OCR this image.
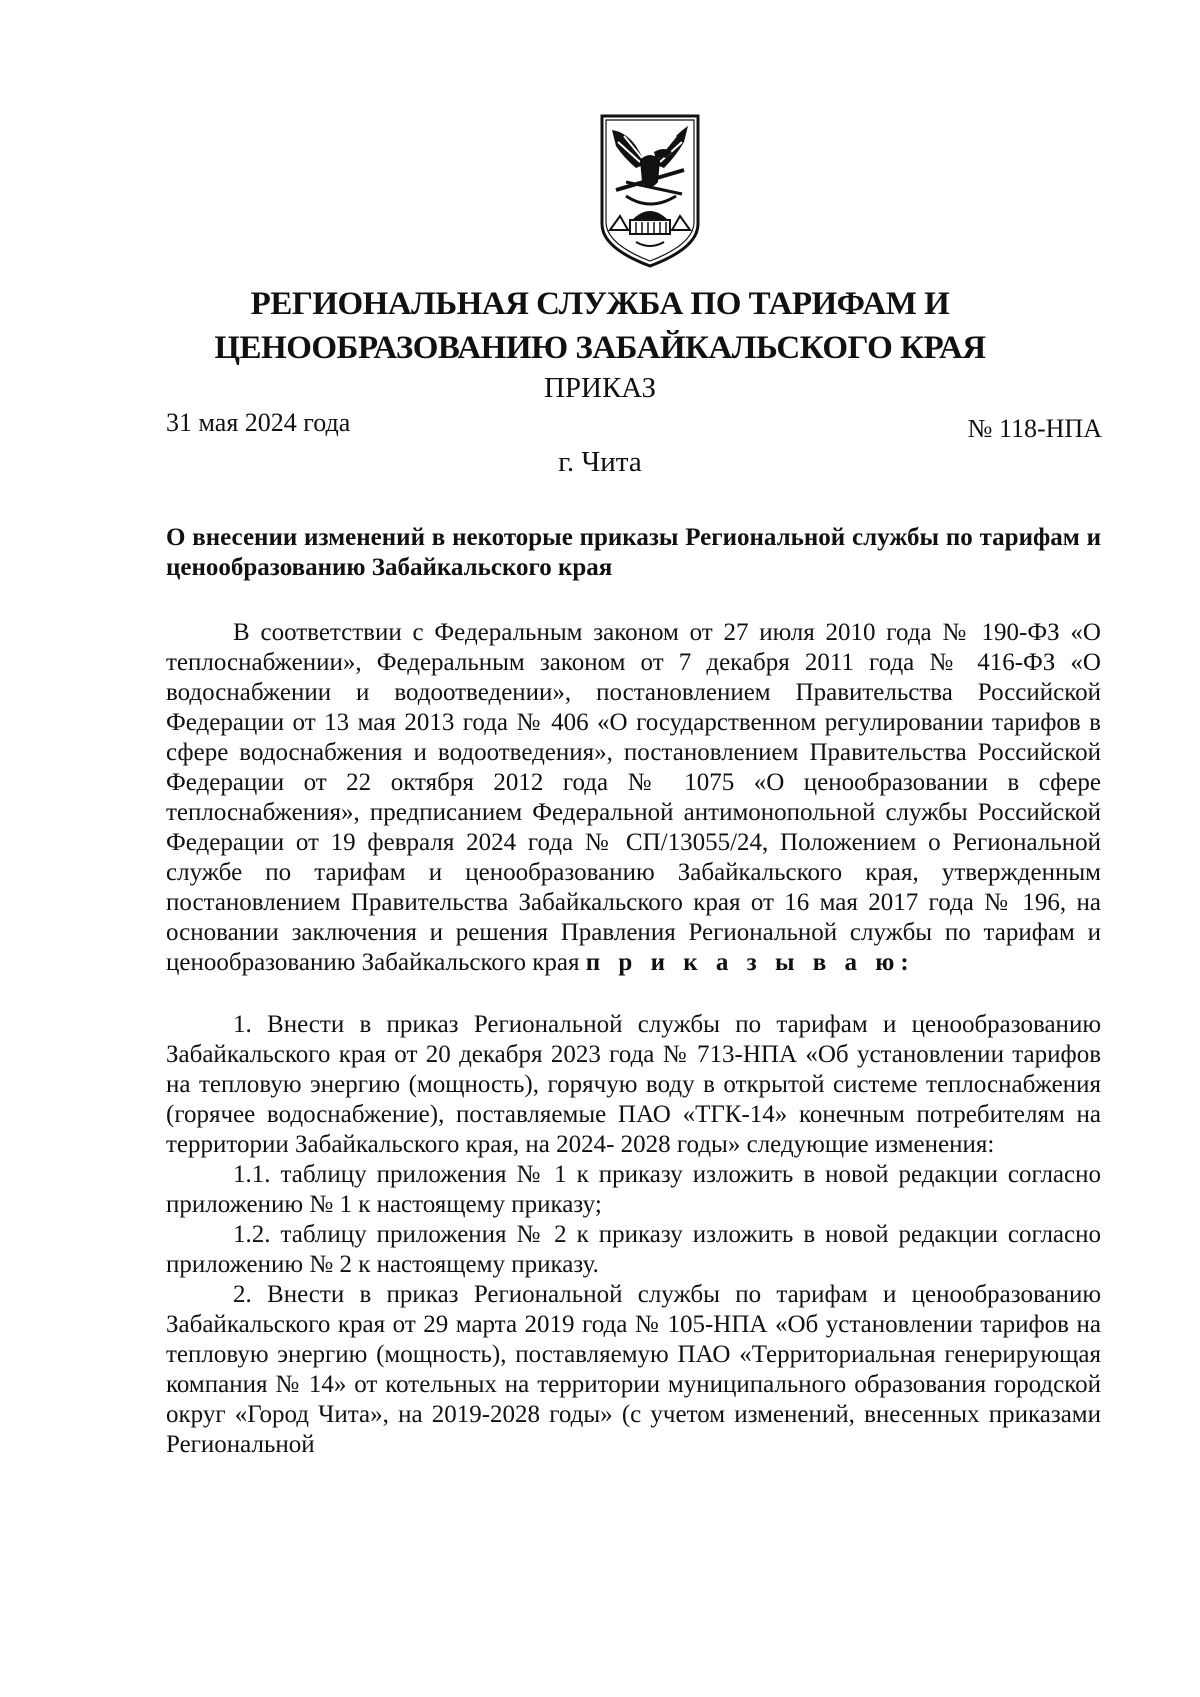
РЕГИОНАЛЬНАЯ СЛУЖБА ПО ТАРИФАМ И
ЦЕНООБРАЗОВАНИЮ ЗАБАЙКАЛЬСКОГО КРАЯ
ПРИКАЗ
31 мая 2024 года	№ 118-НПА
г. Чита
О внесении изменений в некоторые приказы Региональной службы по тарифам и ценообразованию Забайкальского края

В соответствии с Федеральным законом от 27 июля 2010 года № 190-ФЗ «О теплоснабжении», Федеральным законом от 7 декабря 2011 года № 416-ФЗ «О водоснабжении и водоотведении», постановлением Правительства Российской Федерации от 13 мая 2013 года № 406 «О государственном регулировании тарифов в сфере водоснабжения и водоотведения», постановлением Правительства Российской Федерации от 22 октября 2012 года № 1075 «О ценообразовании в сфере теплоснабжения», предписанием Федеральной антимонопольной службы Российской Федерации от 19 февраля 2024 года № СП/13055/24, Положением о Региональной службе по тарифам и ценообразованию Забайкальского края, утвержденным постановлением Правительства Забайкальского края от 16 мая 2017 года № 196, на основании заключения и решения Правления Региональной службы по тарифам и ценообразованию Забайкальского края п р и к а з ы в а ю:

1. Внести в приказ Региональной службы по тарифам и ценообразованию Забайкальского края от 20 декабря 2023 года № 713-НПА «Об установлении тарифов на тепловую энергию (мощность), горячую воду в открытой системе теплоснабжения (горячее водоснабжение), поставляемые ПАО «ТГК-14» конечным потребителям на территории Забайкальского края, на 2024- 2028 годы» следующие изменения:

1.1. таблицу приложения № 1 к приказу изложить в новой редакции согласно приложению № 1 к настоящему приказу;

1.2. таблицу приложения № 2 к приказу изложить в новой редакции согласно приложению № 2 к настоящему приказу.

2. Внести в приказ Региональной службы по тарифам и ценообразованию Забайкальского края от 29 марта 2019 года № 105-НПА «Об установлении тарифов на тепловую энергию (мощность), поставляемую ПАО «Территориальная генерирующая компания № 14» от котельных на территории муниципального образования городской округ «Город Чита», на 2019-2028 годы» (с учетом изменений, внесенных приказами Региональной
